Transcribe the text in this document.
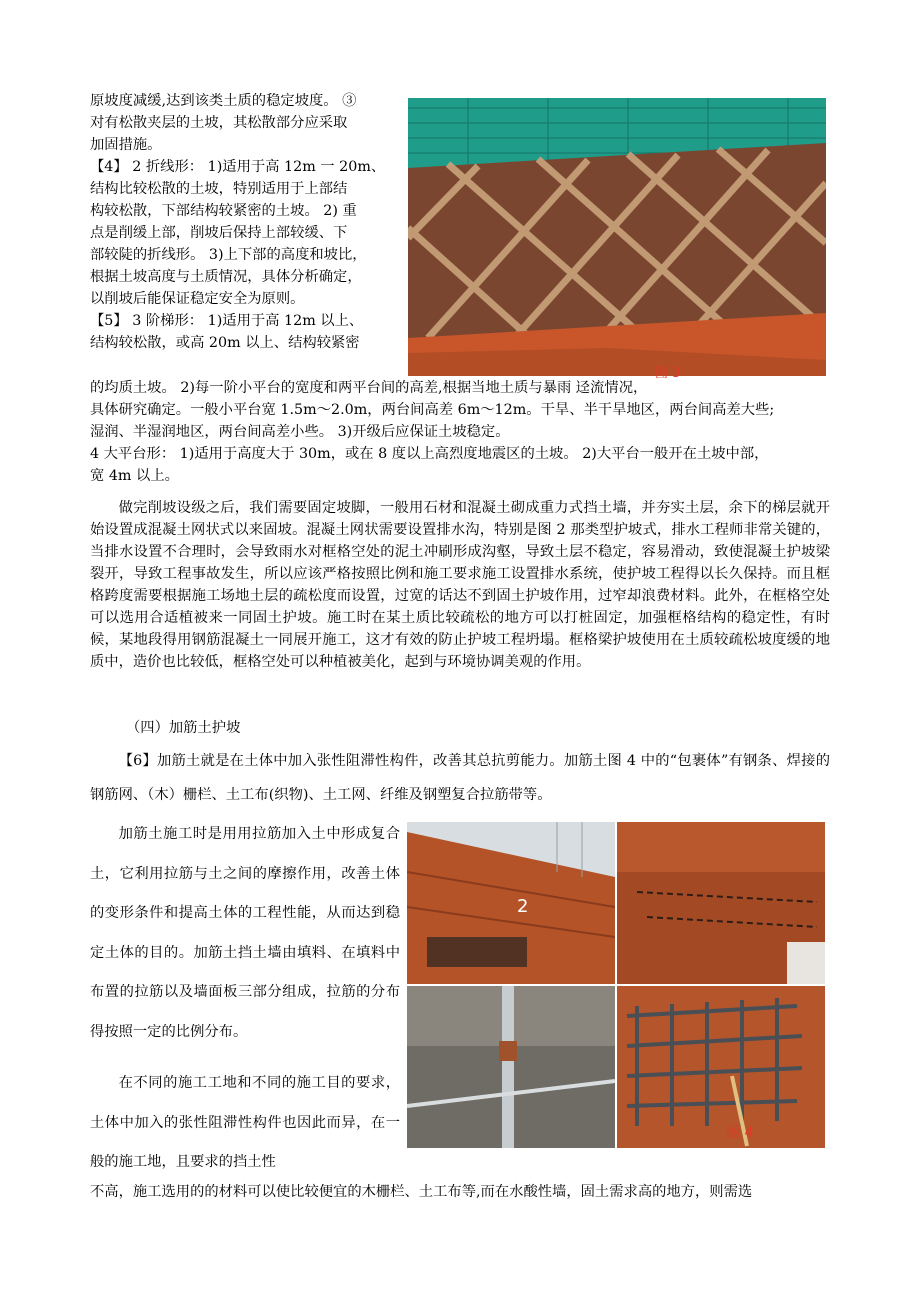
原坡度减缓,达到该类土质的稳定坡度。 ③
对有松散夹层的土坡，其松散部分应采取
加固措施。
【4】 2 折线形： 1)适用于高 12m 一 20m、
结构比较松散的土坡，特别适用于上部结
构较松散，下部结构较紧密的土坡。 2) 重
点是削缓上部，削坡后保持上部较缓、下
部较陡的折线形。 3)上下部的高度和坡比，
根据土坡高度与土质情况，具体分析确定，
以削坡后能保证稳定安全为原则。
【5】 3 阶梯形： 1)适用于高 12m 以上、
结构较松散，或高 20m 以上、结构较紧密
图 3
的均质土坡。 2)每一阶小平台的宽度和两平台间的高差,根据当地土质与暴雨 迳流情况，
具体研究确定。一般小平台宽 1.5m～2.0m，两台间高差 6m～12m。干旱、半干旱地区，两台间高差大些;
湿润、半湿润地区，两台间高差小些。 3)开级后应保证土坡稳定。
4 大平台形： 1)适用于高度大于 30m，或在 8 度以上高烈度地震区的土坡。 2)大平台一般开在土坡中部，
宽 4m 以上。
做完削坡设级之后，我们需要固定坡脚，一般用石材和混凝土砌成重力式挡土墙，并夯实土层，余下的梯层就开始设置成混凝土网状式以来固坡。混凝土网状需要设置排水沟，特别是图 2 那类型护坡式，排水工程师非常关键的，当排水设置不合理时，会导致雨水对框格空处的泥土冲刷形成沟壑，导致土层不稳定，容易滑动，致使混凝土护坡梁裂开，导致工程事故发生，所以应该严格按照比例和施工要求施工设置排水系统，使护坡工程得以长久保持。而且框格跨度需要根据施工场地土层的疏松度而设置，过宽的话达不到固土护坡作用，过窄却浪费材料。此外，在框格空处可以选用合适植被来一同固土护坡。施工时在某土质比较疏松的地方可以打桩固定，加强框格结构的稳定性，有时候，某地段得用钢筋混凝土一同展开施工，这才有效的防止护坡工程坍塌。框格梁护坡使用在土质较疏松坡度缓的地质中，造价也比较低，框格空处可以种植被美化，起到与环境协调美观的作用。
（四）加筋土护坡
【6】加筋土就是在土体中加入张性阻滞性构件，改善其总抗剪能力。加筋土图 4 中的“包裹体”有钢条、焊接的钢筋网、（木）栅栏、土工布(织物)、土工网、纤维及钢塑复合拉筋带等。
加筋土施工时是用用拉筋加入土中形成复合土，它利用拉筋与土之间的摩擦作用，改善土体的变形条件和提高土体的工程性能，从而达到稳定土体的目的。加筋土挡土墙由填料、在填料中布置的拉筋以及墙面板三部分组成，拉筋的分布得按照一定的比例分布。
在不同的施工工地和不同的施工目的要求，土体中加入的张性阻滞性构件也因此而异，在一般的施工地，且要求的挡土性
2
图 4
不高，施工选用的的材料可以使比较便宜的木栅栏、土工布等,而在水酸性墙，固土需求高的地方，则需选
